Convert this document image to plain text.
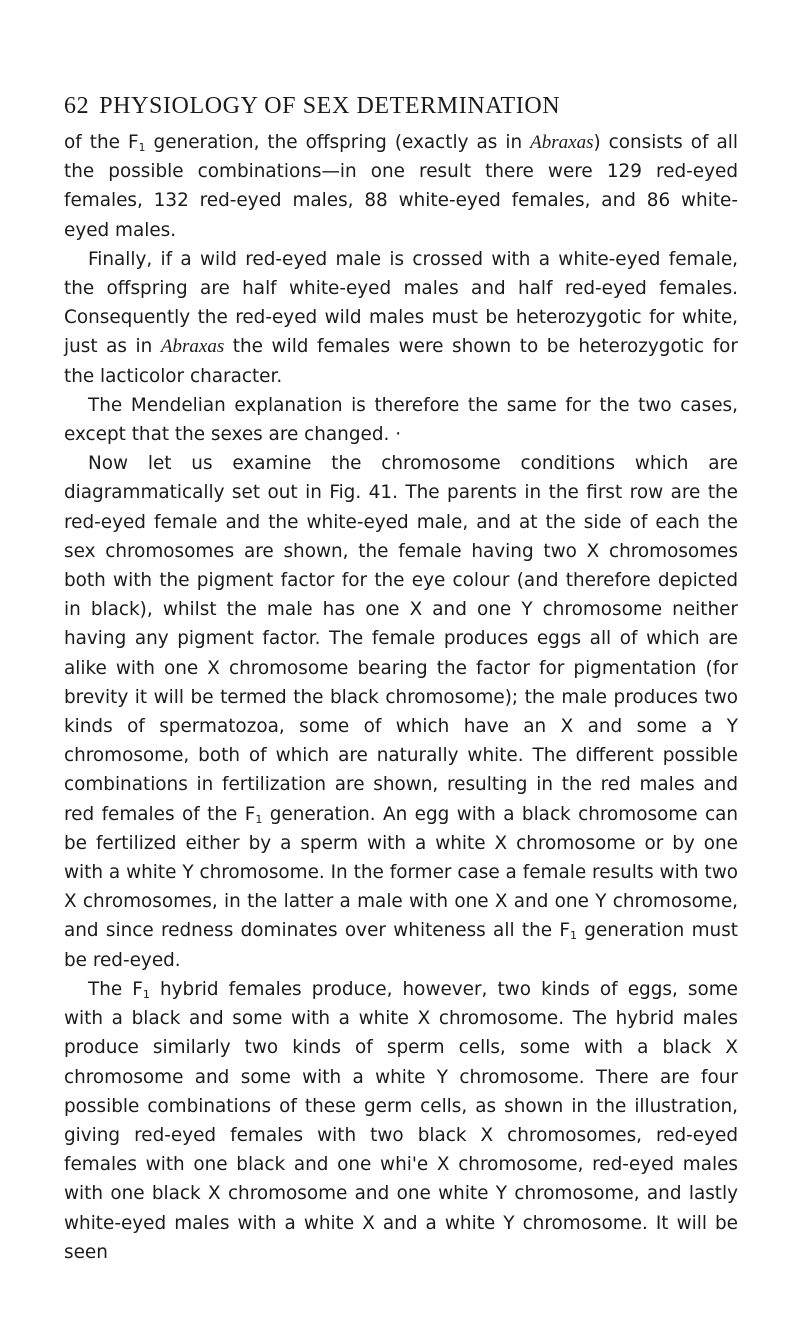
62 PHYSIOLOGY OF SEX DETERMINATION

of the $F_1$ generation, the offspring (exactly as in Abraxas) consists of all the possible combinations—in one result there were 129 red-eyed females, 132 red-eyed males, 88 white-eyed females, and 86 white-eyed males.

Finally, if a wild red-eyed male is crossed with a white-eyed female, the offspring are half white-eyed males and half red-eyed females. Consequently the red-eyed wild males must be heterozygotic for white, just as in Abraxas the wild females were shown to be heterozygotic for the lacticolor character.

The Mendelian explanation is therefore the same for the two cases, except that the sexes are changed. ·

Now let us examine the chromosome conditions which are diagrammatically set out in Fig. 41. The parents in the first row are the red-eyed female and the white-eyed male, and at the side of each the sex chromosomes are shown, the female having two X chromosomes both with the pigment factor for the eye colour (and therefore depicted in black), whilst the male has one X and one Y chromosome neither having any pigment factor. The female produces eggs all of which are alike with one X chromosome bearing the factor for pigmentation (for brevity it will be termed the black chromosome); the male produces two kinds of spermatozoa, some of which have an X and some a Y chromosome, both of which are naturally white. The different possible combinations in fertilization are shown, resulting in the red males and red females of the $F_1$ generation. An egg with a black chromosome can be fertilized either by a sperm with a white X chromosome or by one with a white Y chromosome. In the former case a female results with two X chromosomes, in the latter a male with one X and one Y chromosome, and since redness dominates over whiteness all the $F_1$ generation must be red-eyed.

The $F_1$ hybrid females produce, however, two kinds of eggs, some with a black and some with a white X chromosome. The hybrid males produce similarly two kinds of sperm cells, some with a black X chromosome and some with a white Y chromosome. There are four possible combinations of these germ cells, as shown in the illustration, giving red-eyed females with two black X chromosomes, red-eyed females with one black and one whi'e X chromosome, red-eyed males with one black X chromosome and one white Y chromosome, and lastly white-eyed males with a white X and a white Y chromosome. It will be seen
